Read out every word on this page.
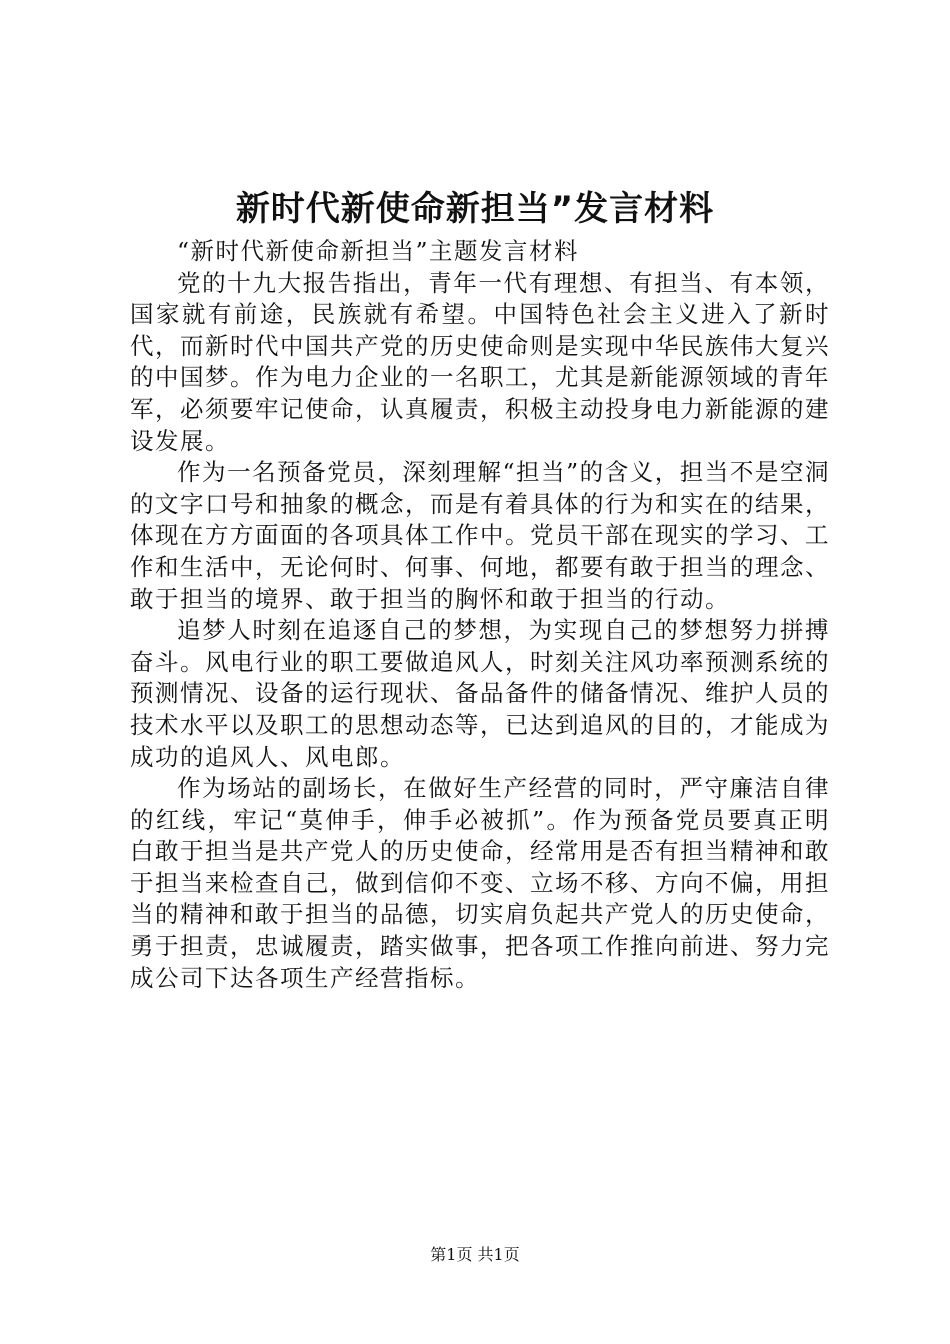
新时代新使命新担当”发言材料

“新时代新使命新担当”主题发言材料

党的十九大报告指出，青年一代有理想、有担当、有本领，国家就有前途，民族就有希望。中国特色社会主义进入了新时代，而新时代中国共产党的历史使命则是实现中华民族伟大复兴的中国梦。作为电力企业的一名职工，尤其是新能源领域的青年军，必须要牢记使命，认真履责，积极主动投身电力新能源的建设发展。

作为一名预备党员，深刻理解“担当”的含义，担当不是空洞的文字口号和抽象的概念，而是有着具体的行为和实在的结果，体现在方方面面的各项具体工作中。党员干部在现实的学习、工作和生活中，无论何时、何事、何地，都要有敢于担当的理念、敢于担当的境界、敢于担当的胸怀和敢于担当的行动。

追梦人时刻在追逐自己的梦想，为实现自己的梦想努力拼搏奋斗。风电行业的职工要做追风人，时刻关注风功率预测系统的预测情况、设备的运行现状、备品备件的储备情况、维护人员的技术水平以及职工的思想动态等，已达到追风的目的，才能成为成功的追风人、风电郎。

作为场站的副场长，在做好生产经营的同时，严守廉洁自律的红线，牢记“莫伸手，伸手必被抓”。作为预备党员要真正明白敢于担当是共产党人的历史使命，经常用是否有担当精神和敢于担当来检查自己，做到信仰不变、立场不移、方向不偏，用担当的精神和敢于担当的品德，切实肩负起共产党人的历史使命，勇于担责，忠诚履责，踏实做事，把各项工作推向前进、努力完成公司下达各项生产经营指标。

第1页 共1页
